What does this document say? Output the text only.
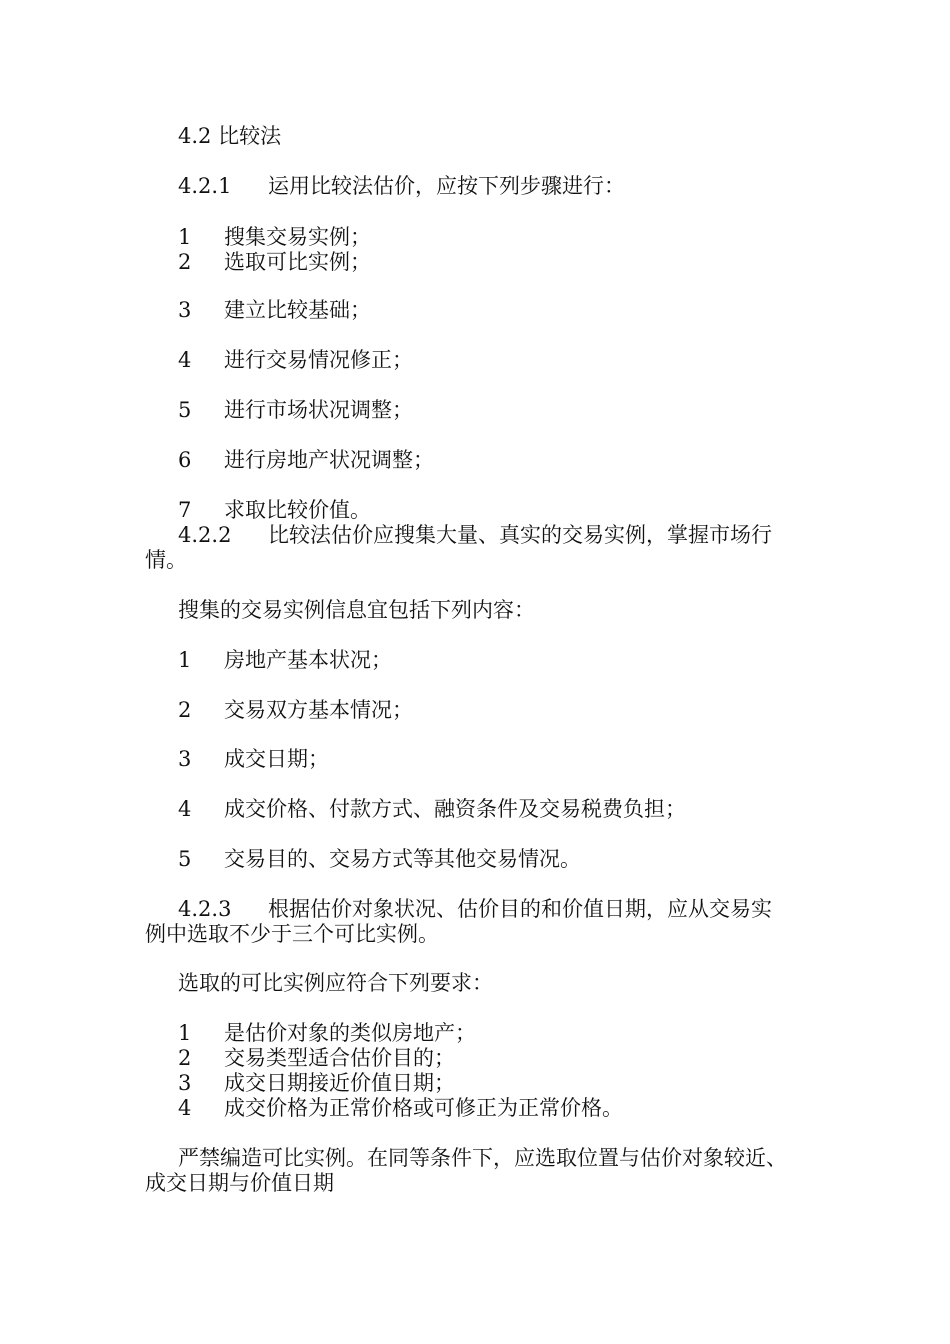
4.2 比较法
4.2.1 运用比较法估价，应按下列步骤进行：
1 搜集交易实例；
2 选取可比实例；
3 建立比较基础；
4 进行交易情况修正；
5 进行市场状况调整；
6 进行房地产状况调整；
7 求取比较价值。
4.2.2 比较法估价应搜集大量、真实的交易实例，掌握市场行
情。
搜集的交易实例信息宜包括下列内容：
1 房地产基本状况；
2 交易双方基本情况；
3 成交日期；
4 成交价格、付款方式、融资条件及交易税费负担；
5 交易目的、交易方式等其他交易情况。
4.2.3 根据估价对象状况、估价目的和价值日期，应从交易实
例中选取不少于三个可比实例。
选取的可比实例应符合下列要求：
1 是估价对象的类似房地产；
2 交易类型适合估价目的；
3 成交日期接近价值日期；
4 成交价格为正常价格或可修正为正常价格。
严禁编造可比实例。在同等条件下，应选取位置与估价对象较近、
成交日期与价值日期
